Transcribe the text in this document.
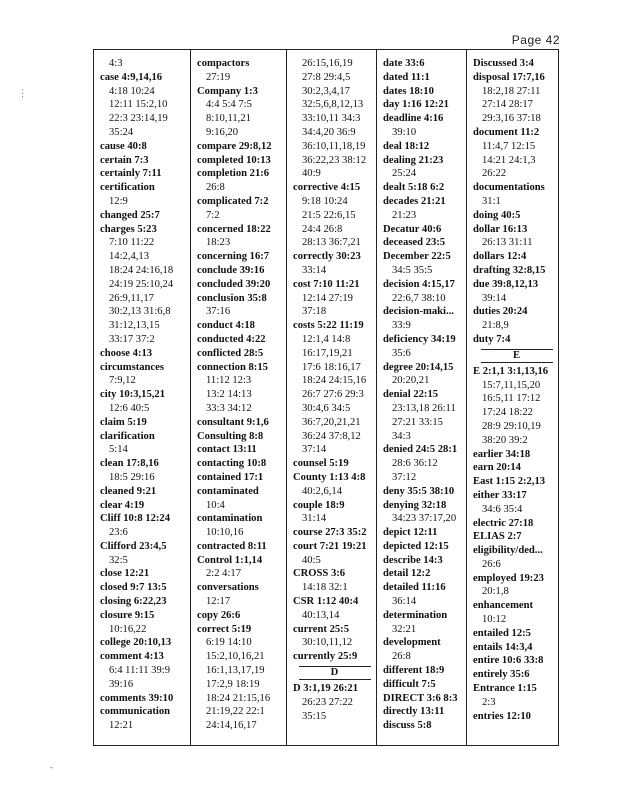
Page 42
4:3
case 4:9,14,16
4:18 10:24
12:11 15:2,10
22:3 23:14,19
35:24
cause 40:8
certain 7:3
certainly 7:11
certification
12:9
changed 25:7
charges 5:23
7:10 11:22
14:2,4,13
18:24 24:16,18
24:19 25:10,24
26:9,11,17
30:2,13 31:6,8
31:12,13,15
33:17 37:2
choose 4:13
circumstances
7:9,12
city 10:3,15,21
12:6 40:5
claim 5:19
clarification
5:14
clean 17:8,16
18:5 29:16
cleaned 9:21
clear 4:19
Cliff 10:8 12:24
23:6
Clifford 23:4,5
32:5
close 12:21
closed 9:7 13:5
closing 6:22,23
closure 9:15
10:16,22
college 20:10,13
comment 4:13
6:4 11:11 39:9
39:16
comments 39:10
communication
12:21
compactors
27:19
Company 1:3
4:4 5:4 7:5
8:10,11,21
9:16,20
compare 29:8,12
completed 10:13
completion 21:6
26:8
complicated 7:2
7:2
concerned 18:22
18:23
concerning 16:7
conclude 39:16
concluded 39:20
conclusion 35:8
37:16
conduct 4:18
conducted 4:22
conflicted 28:5
connection 8:15
11:12 12:3
13:2 14:13
33:3 34:12
consultant 9:1,6
Consulting 8:8
contact 13:11
contacting 10:8
contained 17:1
contaminated
10:4
contamination
10:10,16
contracted 8:11
Control 1:1,14
2:2 4:17
conversations
12:17
copy 26:6
correct 5:19
6:19 14:10
15:2,10,16,21
16:1,13,17,19
17:2,9 18:19
18:24 21:15,16
21:19,22 22:1
24:14,16,17
26:15,16,19
27:8 29:4,5
30:2,3,4,17
32:5,6,8,12,13
33:10,11 34:3
34:4,20 36:9
36:10,11,18,19
36:22,23 38:12
40:9
corrective 4:15
9:18 10:24
21:5 22:6,15
24:4 26:8
28:13 36:7,21
correctly 30:23
33:14
cost 7:10 11:21
12:14 27:19
37:18
costs 5:22 11:19
12:1,4 14:8
16:17,19,21
17:6 18:16,17
18:24 24:15,16
26:7 27:6 29:3
30:4,6 34:5
36:7,20,21,21
36:24 37:8,12
37:14
counsel 5:19
County 1:13 4:8
40:2,6,14
couple 18:9
31:14
course 27:3 35:2
court 7:21 19:21
40:5
CROSS 3:6
14:18 32:1
CSR 1:12 40:4
40:13,14
current 25:5
30:10,11,12
currently 25:9
D
D 3:1,19 26:21
26:23 27:22
35:15
date 33:6
dated 11:1
dates 18:10
day 1:16 12:21
deadline 4:16
39:10
deal 18:12
dealing 21:23
25:24
dealt 5:18 6:2
decades 21:21
21:23
Decatur 40:6
deceased 23:5
December 22:5
34:5 35:5
decision 4:15,17
22:6,7 38:10
decision-maki...
33:9
deficiency 34:19
35:6
degree 20:14,15
20:20,21
denial 22:15
23:13,18 26:11
27:21 33:15
34:3
denied 24:5 28:1
28:6 36:12
37:12
deny 35:5 38:10
denying 32:18
34:23 37:17,20
depict 12:11
depicted 12:15
describe 14:3
detail 12:2
detailed 11:16
36:14
determination
32:21
development
26:8
different 18:9
difficult 7:5
DIRECT 3:6 8:3
directly 13:11
discuss 5:8
Discussed 3:4
disposal 17:7,16
18:2,18 27:11
27:14 28:17
29:3,16 37:18
document 11:2
11:4,7 12:15
14:21 24:1,3
26:22
documentations
31:1
doing 40:5
dollar 16:13
26:13 31:11
dollars 12:4
drafting 32:8,15
due 39:8,12,13
39:14
duties 20:24
21:8,9
duty 7:4
E
E 2:1,1 3:1,13,16
15:7,11,15,20
16:5,11 17:12
17:24 18:22
28:9 29:10,19
38:20 39:2
earlier 34:18
earn 20:14
East 1:15 2:2,13
either 33:17
34:6 35:4
electric 27:18
ELIAS 2:7
eligibility/ded...
26:6
employed 19:23
20:1,8
enhancement
10:12
entailed 12:5
entails 14:3,4
entire 10:6 33:8
entirely 35:6
Entrance 1:15
2:3
entries 12:10
⋮
-
